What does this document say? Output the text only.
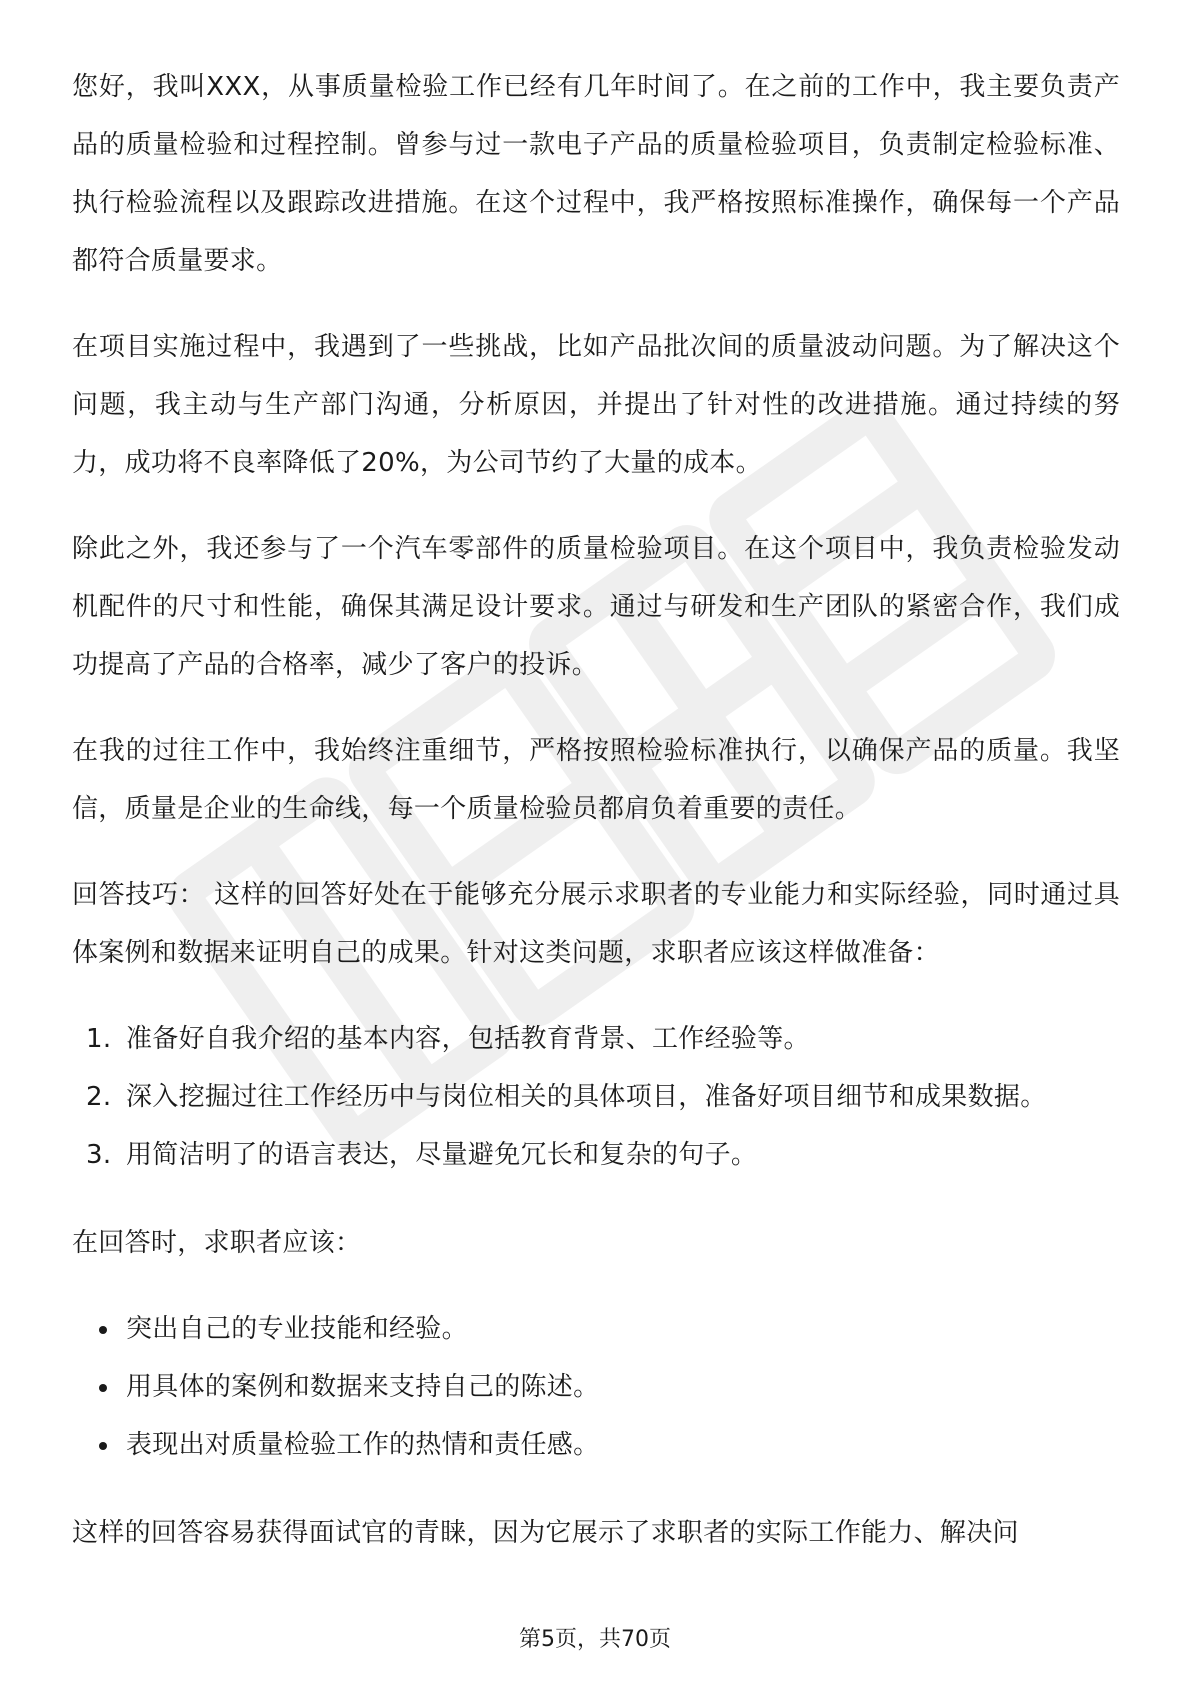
您好，我叫XXX，从事质量检验工作已经有几年时间了。在之前的工作中，我主要负责产品的质量检验和过程控制。曾参与过一款电子产品的质量检验项目，负责制定检验标准、执行检验流程以及跟踪改进措施。在这个过程中，我严格按照标准操作，确保每一个产品都符合质量要求。

在项目实施过程中，我遇到了一些挑战，比如产品批次间的质量波动问题。为了解决这个问题，我主动与生产部门沟通，分析原因，并提出了针对性的改进措施。通过持续的努力，成功将不良率降低了20%，为公司节约了大量的成本。

除此之外，我还参与了一个汽车零部件的质量检验项目。在这个项目中，我负责检验发动机配件的尺寸和性能，确保其满足设计要求。通过与研发和生产团队的紧密合作，我们成功提高了产品的合格率，减少了客户的投诉。

在我的过往工作中，我始终注重细节，严格按照检验标准执行，以确保产品的质量。我坚信，质量是企业的生命线，每一个质量检验员都肩负着重要的责任。

回答技巧： 这样的回答好处在于能够充分展示求职者的专业能力和实际经验，同时通过具体案例和数据来证明自己的成果。针对这类问题，求职者应该这样做准备：

1. 准备好自我介绍的基本内容，包括教育背景、工作经验等。
2. 深入挖掘过往工作经历中与岗位相关的具体项目，准备好项目细节和成果数据。
3. 用简洁明了的语言表达，尽量避免冗长和复杂的句子。

在回答时，求职者应该：

突出自己的专业技能和经验。
用具体的案例和数据来支持自己的陈述。
表现出对质量检验工作的热情和责任感。

这样的回答容易获得面试官的青睐，因为它展示了求职者的实际工作能力、解决问

第5页，共70页
